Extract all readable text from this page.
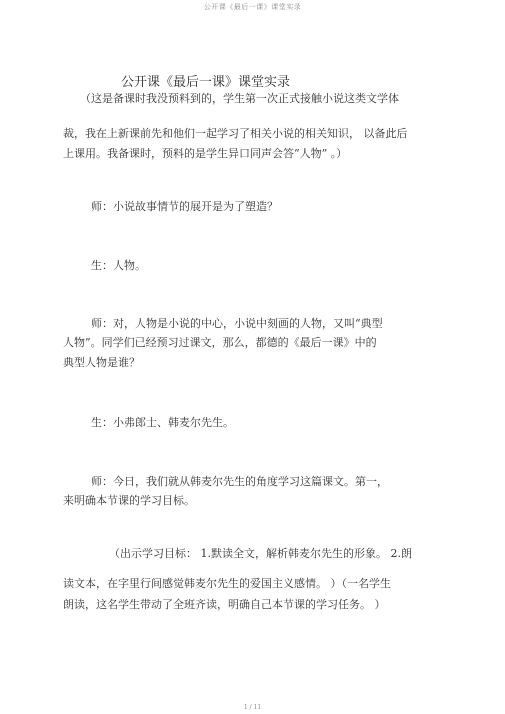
公开课《最后一课》课堂实录
公开课《最后一课》课堂实录

（这是备课时我没预料到的，学生第一次正式接触小说这类文学体

裁，我在上新课前先和他们一起学习了相关小说的相关知识， 以备此后
上课用。我备课时，预料的是学生异口同声会答“人物” 。）

师：小说故事情节的展开是为了塑造？

生：人物。

师：对，人物是小说的中心，小说中刻画的人物，又叫“典型

人物”。同学们已经预习过课文，那么，都德的《最后一课》中的
典型人物是谁？

生：小弗郎士、韩麦尔先生。

师：今日，我们就从韩麦尔先生的角度学习这篇课文。第一，

来明确本节课的学习目标。

（出示学习目标： 1.默读全文，解析韩麦尔先生的形象。 2.朗

读文本，在字里行间感觉韩麦尔先生的爱国主义感情。 ）（一名学生
朗读，这名学生带动了全班齐读，明确自己本节课的学习任务。 ）
1 / 11
